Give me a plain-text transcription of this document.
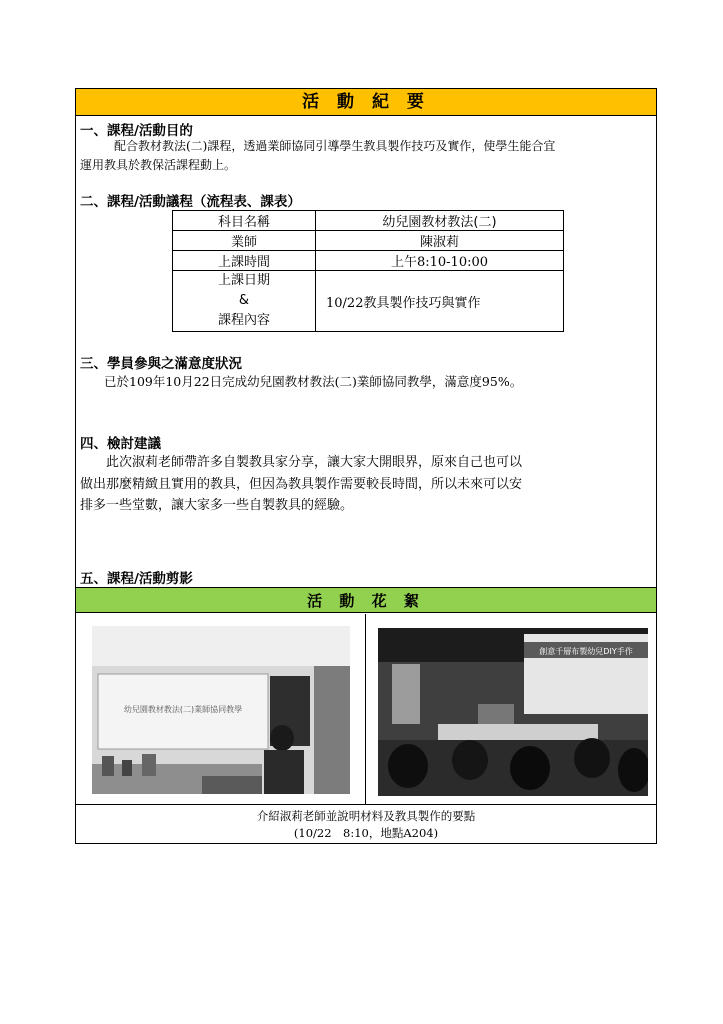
活 動 紀 要
一、課程/活動目的
配合教材教法(二)課程，透過業師協同引導學生教具製作技巧及實作，使學生能合宜
運用教具於教保活課程動上。
二、課程/活動議程（流程表、課表）
科目名稱	幼兒園教材教法(二)
業師	陳淑莉
上課時間	上午8:10-10:00

上課日期
&
課程內容	10/22教具製作技巧與實作
三、學員參與之滿意度狀況
已於109年10月22日完成幼兒園教材教法(二)業師協同教學，滿意度95%。
四、檢討建議
此次淑莉老師帶許多自製教具家分享，讓大家大開眼界，原來自己也可以
做出那麼精緻且實用的教具，但因為教具製作需要較長時間，所以未來可以安
排多一些堂數，讓大家多一些自製教具的經驗。
五、課程/活動剪影
活 動 花 絮
幼兒園教材教法(二)業師協同教學
創意千層布製幼兒DIY手作
介紹淑莉老師並說明材料及教具製作的要點
(10/22　8:10，地點A204)
